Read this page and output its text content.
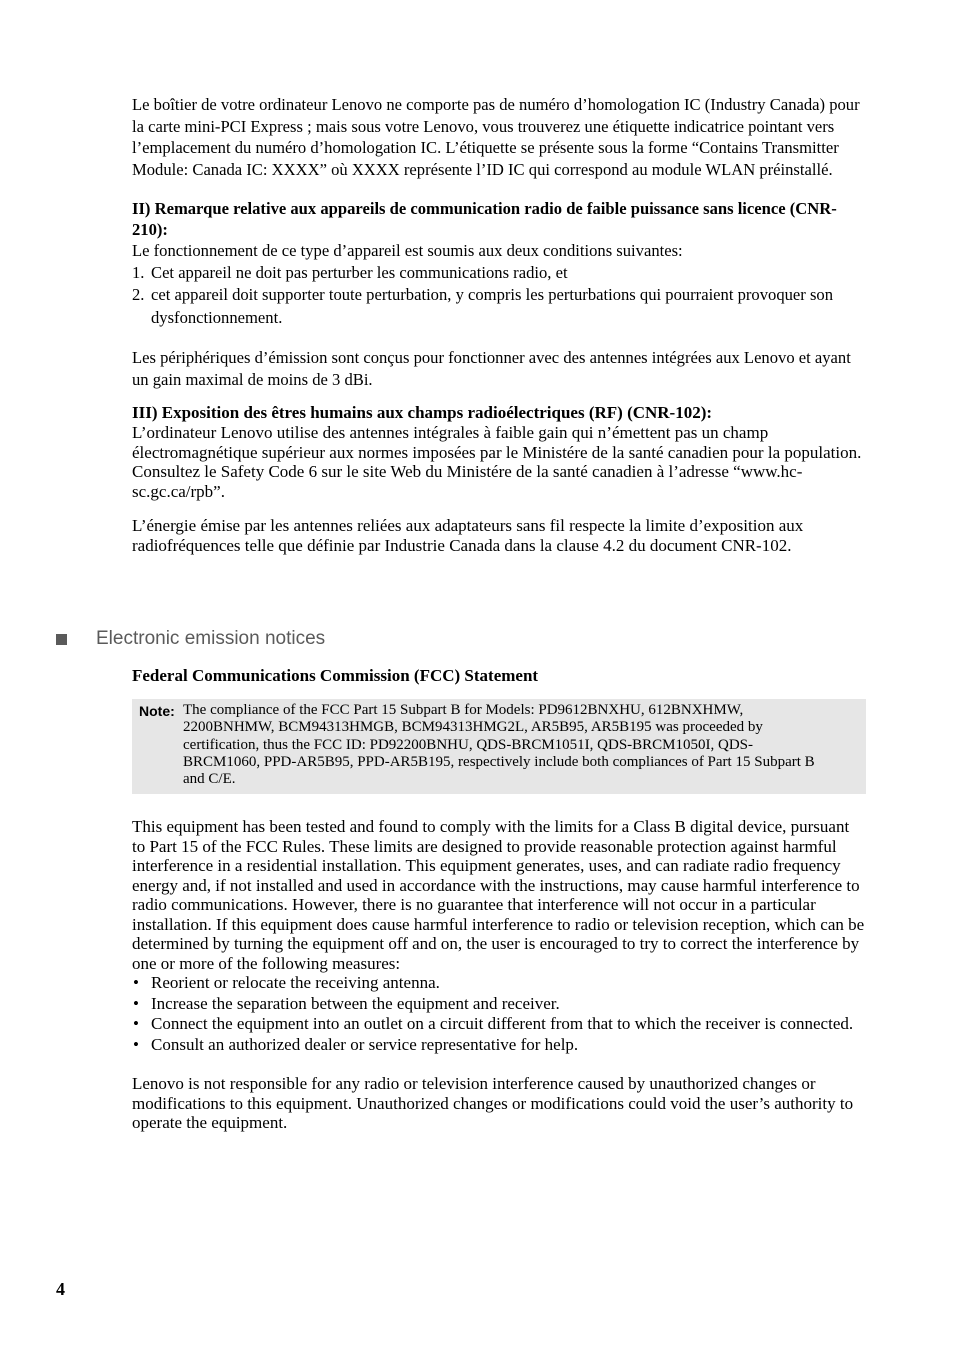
Le boîtier de votre ordinateur Lenovo ne comporte pas de numéro d’homologation IC (Industry Canada) pour la carte mini-PCI Express ; mais sous votre Lenovo, vous trouverez une étiquette indicatrice pointant vers l’emplacement du numéro d’homologation IC. L’étiquette se présente sous la forme “Contains Transmitter Module: Canada IC: XXXX” où XXXX représente l’ID IC qui correspond au module WLAN préinstallé.

II) Remarque relative aux appareils de communication radio de faible puissance sans licence (CNR-210):

Le fonctionnement de ce type d’appareil est soumis aux deux conditions suivantes:

1. Cet appareil ne doit pas perturber les communications radio, et
2. cet appareil doit supporter toute perturbation, y compris les perturbations qui pourraient provoquer son dysfonctionnement.

Les périphériques d’émission sont conçus pour fonctionner avec des antennes intégrées aux Lenovo et ayant un gain maximal de moins de 3 dBi.

III) Exposition des êtres humains aux champs radioélectriques (RF) (CNR-102):

L’ordinateur Lenovo utilise des antennes intégrales à faible gain qui n’émettent pas un champ électromagnétique supérieur aux normes imposées par le Ministére de la santé canadien pour la population. Consultez le Safety Code 6 sur le site Web du Ministére de la santé canadien à l’adresse “www.hc-sc.gc.ca/rpb”.

L’énergie émise par les antennes reliées aux adaptateurs sans fil respecte la limite d’exposition aux radiofréquences telle que définie par Industrie Canada dans la clause 4.2 du document CNR-102.

Electronic emission notices

Federal Communications Commission (FCC) Statement

Note: The compliance of the FCC Part 15 Subpart B for Models: PD9612BNXHU, 612BNXHMW, 2200BNHMW, BCM94313HMGB, BCM94313HMG2L, AR5B95, AR5B195 was proceeded by certification, thus the FCC ID: PD92200BNHU, QDS-BRCM1051I, QDS-BRCM1050I, QDS-BRCM1060, PPD-AR5B95, PPD-AR5B195, respectively include both compliances of Part 15 Subpart B and C/E.

This equipment has been tested and found to comply with the limits for a Class B digital device, pursuant to Part 15 of the FCC Rules. These limits are designed to provide reasonable protection against harmful interference in a residential installation. This equipment generates, uses, and can radiate radio frequency energy and, if not installed and used in accordance with the instructions, may cause harmful interference to radio communications. However, there is no guarantee that interference will not occur in a particular installation. If this equipment does cause harmful interference to radio or television reception, which can be determined by turning the equipment off and on, the user is encouraged to try to correct the interference by one or more of the following measures:

• Reorient or relocate the receiving antenna.
• Increase the separation between the equipment and receiver.
• Connect the equipment into an outlet on a circuit different from that to which the receiver is connected.
• Consult an authorized dealer or service representative for help.

Lenovo is not responsible for any radio or television interference caused by unauthorized changes or modifications to this equipment. Unauthorized changes or modifications could void the user’s authority to operate the equipment.

4
